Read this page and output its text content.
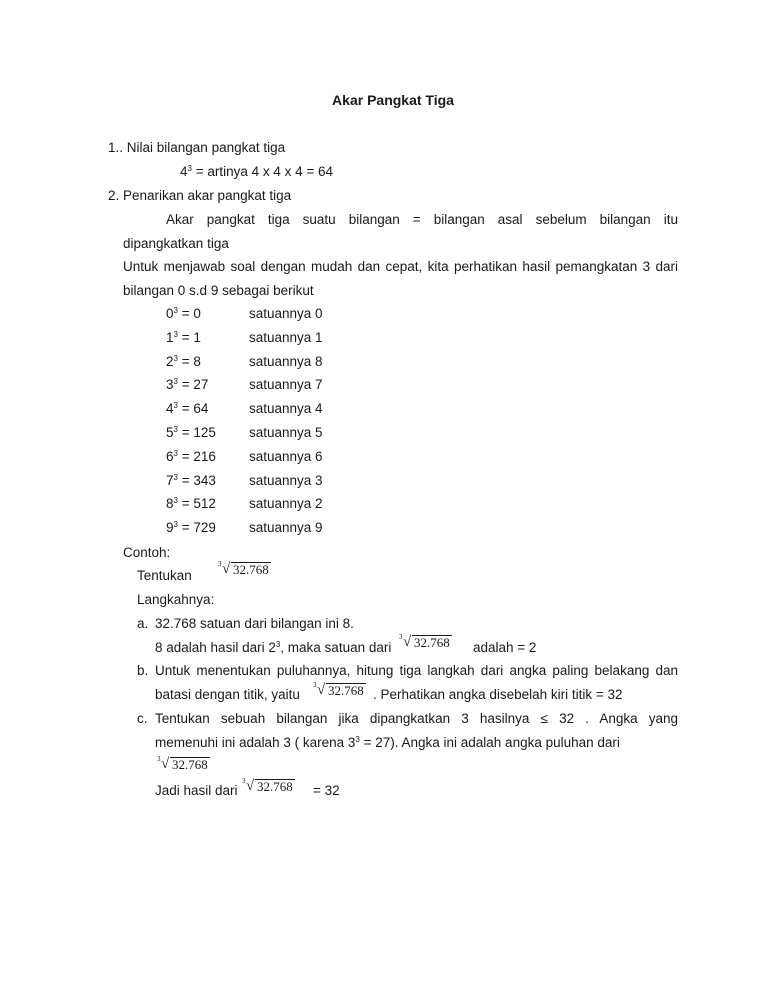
Akar Pangkat Tiga
1.. Nilai bilangan pangkat tiga
$4^3$ = artinya 4 x 4 x 4 = 64
2. Penarikan akar pangkat tiga
Akar pangkat tiga suatu bilangan = bilangan asal sebelum bilangan itu
dipangkatkan tiga
Untuk menjawab soal dengan mudah dan cepat, kita perhatikan hasil pemangkatan 3 dari
bilangan 0 s.d 9 sebagai berikut
$0^3 = 0$	satuannya 0
$1^3 = 1$	satuannya 1
$2^3 = 8$	satuannya 8
$3^3 = 27$	satuannya 7
$4^3 = 64$	satuannya 4
$5^3 = 125$ satuannya 5
$6^3 = 216$ satuannya 6
$7^3 = 343$ satuannya 3
$8^3 = 512$ satuannya 2
$9^3 = 729$ satuannya 9
Contoh:
Tentukan
3 √ 32.768
Langkahnya:
a. 32.768 satuan dari bilangan ini 8.
8 adalah hasil dari $2^3$, maka satuan dari
3 √ 32.768 adalah = 2
b. Untuk menentukan puluhannya, hitung tiga langkah dari angka paling belakang dan
batasi dengan titik, yaitu
3 √ 32.768 . Perhatikan angka disebelah kiri titik = 32
c. Tentukan sebuah bilangan jika dipangkatkan 3 hasilnya ≤ 32 . Angka yang
memenuhi ini adalah 3 ( karena $3^3 = 27$). Angka ini adalah angka puluhan dari
3 √ 32.768
Jadi hasil dari
3 √ 32.768 = 32
